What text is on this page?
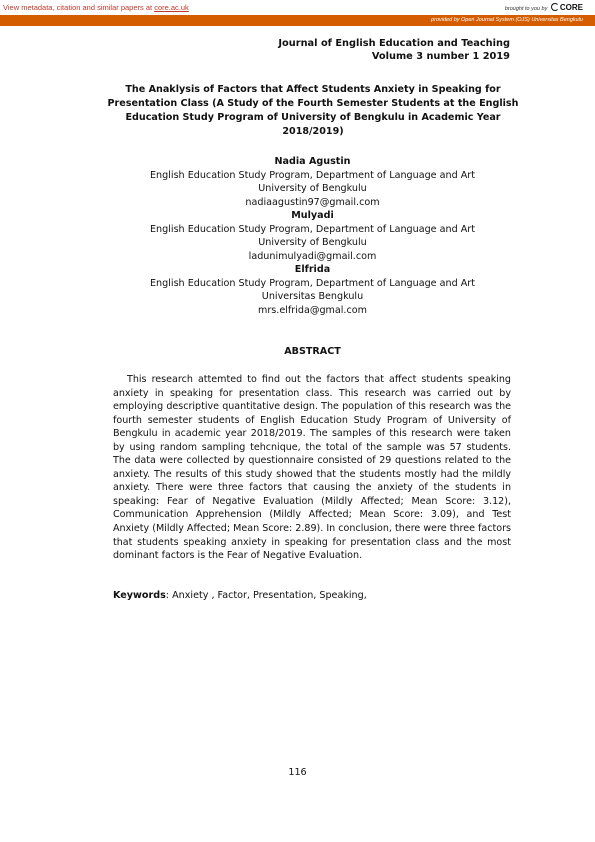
View metadata, citation and similar papers at core.ac.uk	brought to you by CORE
provided by Open Journal System (OJS) Universitas Bengkulu
Journal of English Education and Teaching
Volume 3 number 1 2019
The Anaklysis of Factors that Affect Students Anxiety in Speaking for Presentation Class (A Study of the Fourth Semester Students at the English Education Study Program of University of Bengkulu in Academic Year 2018/2019)
Nadia Agustin
English Education Study Program, Department of Language and Art
University of Bengkulu
nadiaagustin97@gmail.com
Mulyadi
English Education Study Program, Department of Language and Art
University of Bengkulu
ladunimulyadi@gmail.com
Elfrida
English Education Study Program, Department of Language and Art
Universitas Bengkulu
mrs.elfrida@gmal.com
ABSTRACT

This research attemted to find out the factors that affect students speaking anxiety in speaking for presentation class. This research was carried out by employing descriptive quantitative design. The population of this research was the fourth semester students of English Education Study Program of University of Bengkulu in academic year 2018/2019. The samples of this research were taken by using random sampling tehcnique, the total of the sample was 57 students. The data were collected by questionnaire consisted of 29 questions related to the anxiety. The results of this study showed that the students mostly had the mildly anxiety. There were three factors that causing the anxiety of the students in speaking: Fear of Negative Evaluation (Mildly Affected; Mean Score: 3.12), Communication Apprehension (Mildly Affected; Mean Score: 3.09), and Test Anxiety (Mildly Affected; Mean Score: 2.89). In conclusion, there were three factors that students speaking anxiety in speaking for presentation class and the most dominant factors is the Fear of Negative Evaluation.

Keywords: Anxiety , Factor, Presentation, Speaking,
116
